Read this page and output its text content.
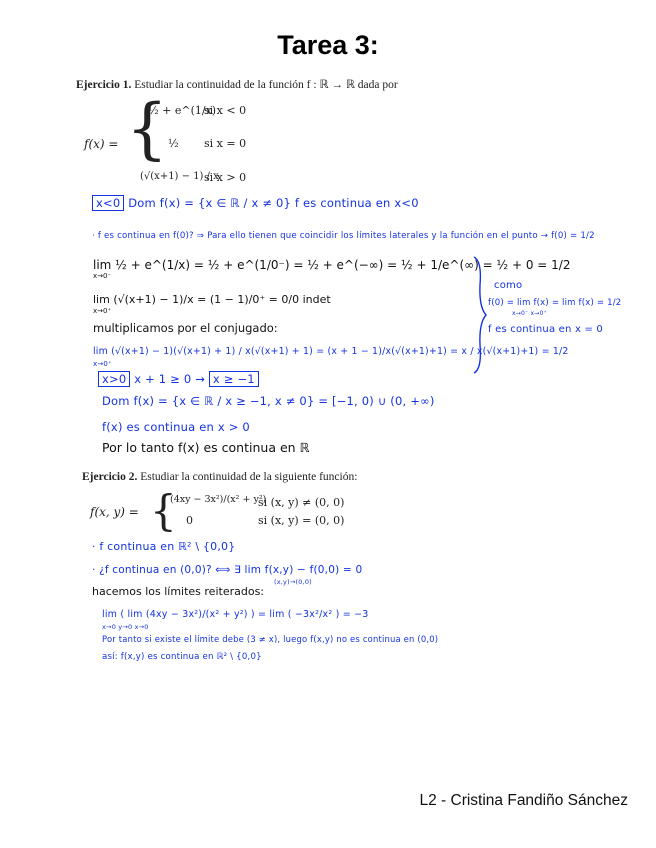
Tarea 3:
Ejercicio 1. Estudiar la continuidad de la función f : ℝ → ℝ dada por
f(x) = {
½ + e^(1/x)
si x < 0
½ si x = 0
(√(x+1) − 1) / x
si x > 0
x<0 Dom f(x) = {x ∈ ℝ / x ≠ 0} f es continua en x<0
· f es continua en f(0)? ⇒ Para ello tienen que coincidir los límites laterales y la función en el punto → f(0) = 1/2
lim ½ + e^(1/x) = ½ + e^(1/0⁻) = ½ + e^(−∞) = ½ + 1/e^(∞) = ½ + 0 = 1/2
x→0⁻
lim (√(x+1) − 1)/x = (1 − 1)/0⁺ = 0/0 indet
x→0⁺
multiplicamos por el conjugado:
lim (√(x+1) − 1)(√(x+1) + 1) / x(√(x+1) + 1) = (x + 1 − 1)/x(√(x+1)+1) = x / x(√(x+1)+1) = 1/2
x→0⁺
como
f(0) = lim f(x) = lim f(x) = 1/2
x→0⁻ x→0⁺
f es continua en x = 0
x>0 x + 1 ≥ 0 → x ≥ −1
Dom f(x) = {x ∈ ℝ / x ≥ −1, x ≠ 0} = [−1, 0) ∪ (0, +∞)
f(x) es continua en x > 0
Por lo tanto f(x) es continua en ℝ
Ejercicio 2. Estudiar la continuidad de la siguiente función:
f(x, y) = {
(4xy − 3x²)/(x² + y²)
si (x, y) ≠ (0, 0)
0	si (x, y) = (0, 0)
· f continua en ℝ² \ {0,0}
· ¿f continua en (0,0)? ⟺ ∃ lim f(x,y) − f(0,0) = 0
(x,y)→(0,0)
hacemos los límites reiterados:
lim ( lim (4xy − 3x²)/(x² + y²) ) = lim ( −3x²/x² ) = −3
x→0 y→0 x→0
Por tanto si existe el límite debe (3 ≠ x), luego f(x,y) no es continua en (0,0)
así: f(x,y) es continua en ℝ² \ {0,0}
L2 - Cristina Fandiño Sánchez
